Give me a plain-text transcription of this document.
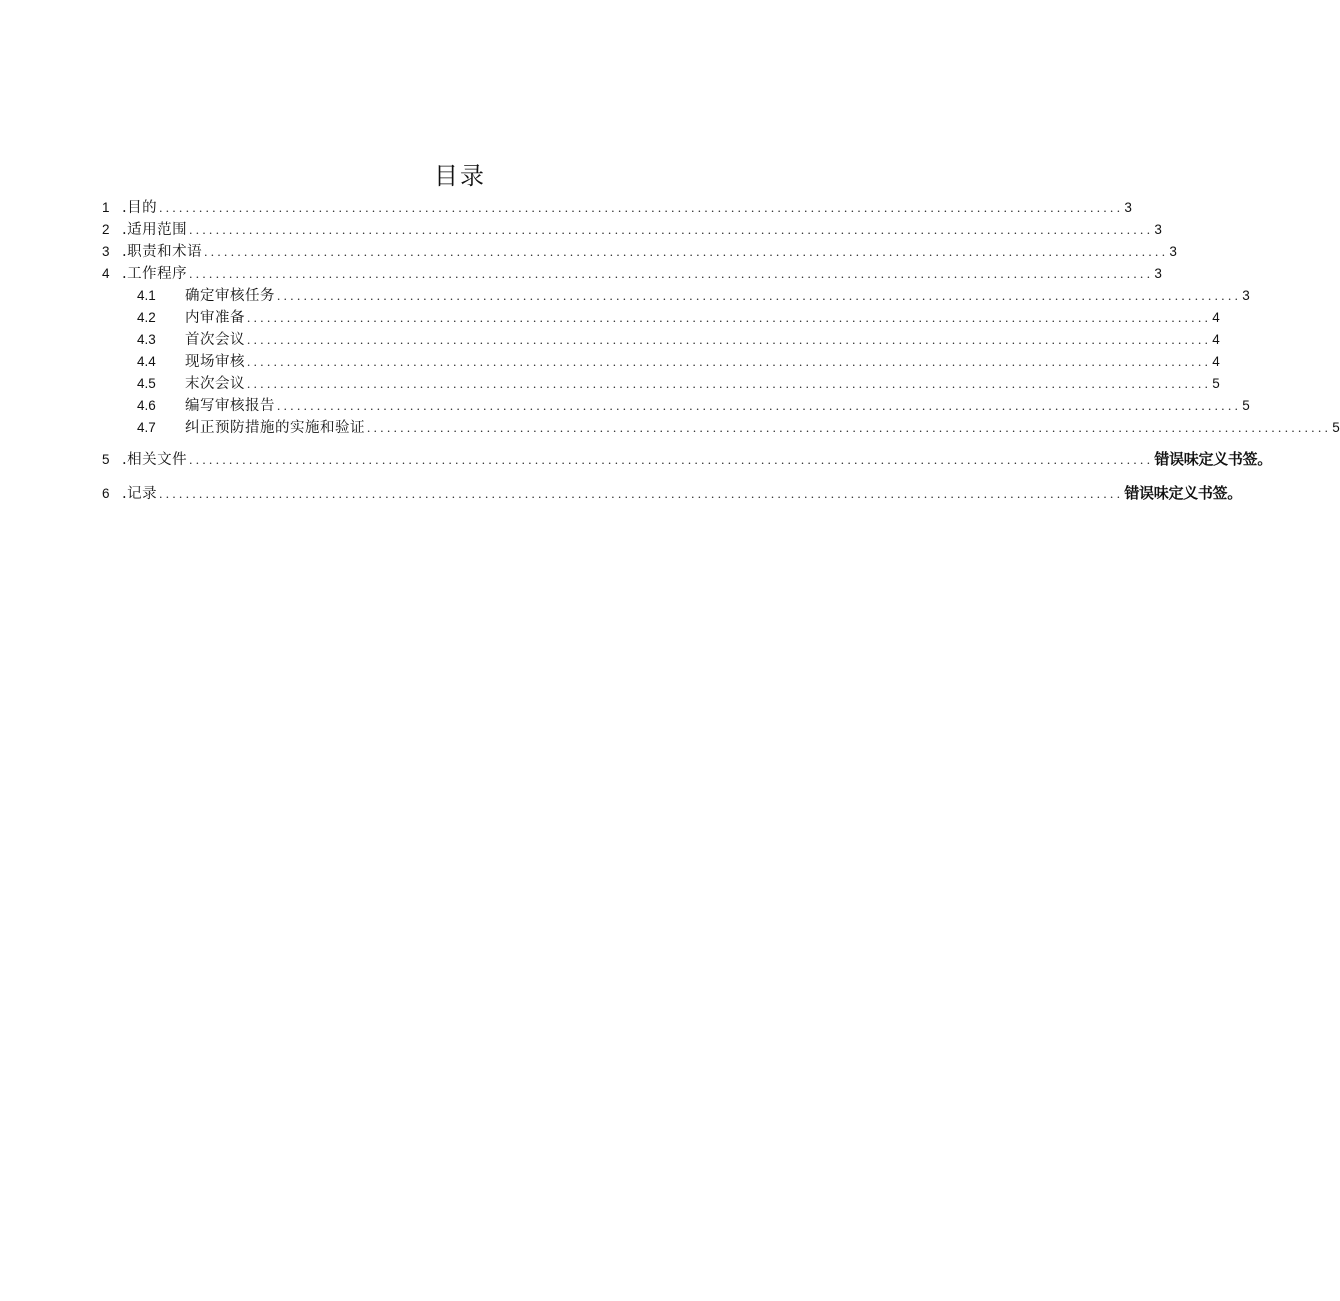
目录
1 .目的 ................................................................................................................................................. 3
2 .适用范围 ................................................................................................................................................. 3
3 .职责和术语 ................................................................................................................................................. 3
4 .工作程序 ................................................................................................................................................. 3
4.1	确定审核任务 ................................................................................................................................................. 3
4.2	内审准备 ................................................................................................................................................. 4
4.3	首次会议 ................................................................................................................................................. 4
4.4	现场审核 ................................................................................................................................................. 4
4.5	末次会议 ................................................................................................................................................. 5
4.6	编写审核报告 ................................................................................................................................................. 5
4.7	纠正预防措施的实施和验证 ................................................................................................................................................. 5
5 .相关文件 ................................................................................................................................................. 错误味定义书签。
6 .记录 ................................................................................................................................................. 错误味定义书签。
